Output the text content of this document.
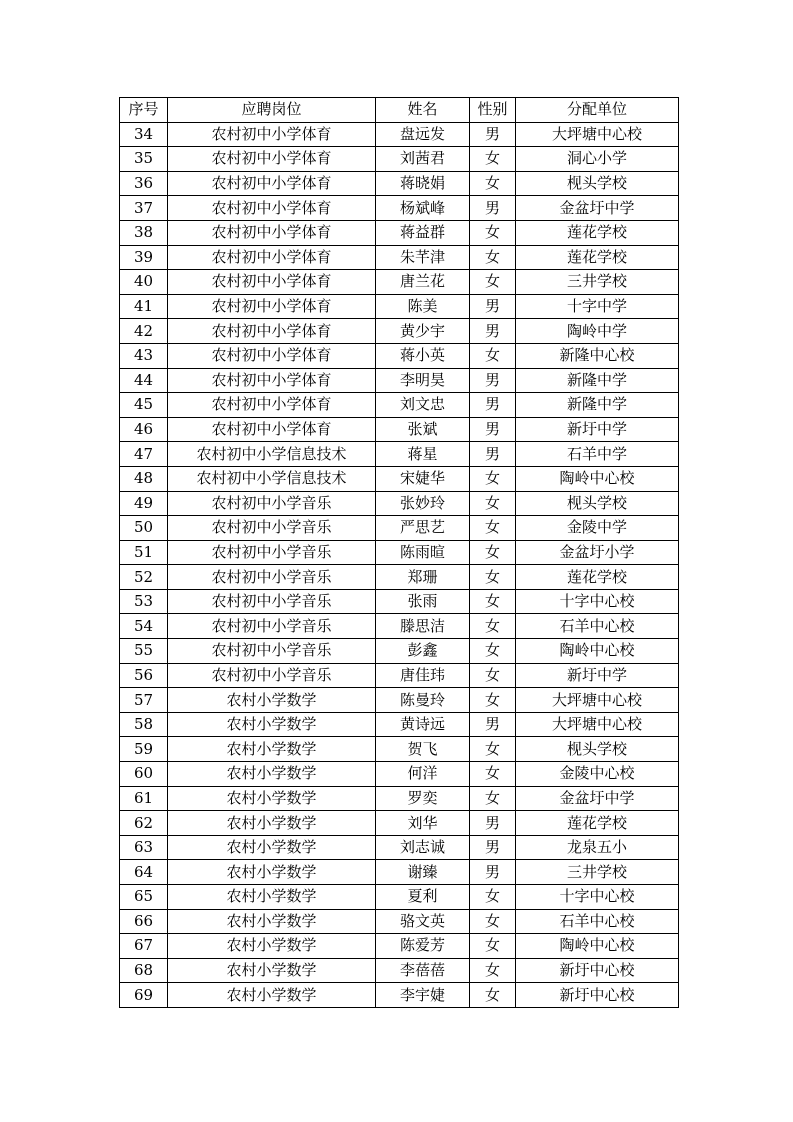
序号	应聘岗位	姓名	性别	分配单位
34	农村初中小学体育	盘远发	男	大坪塘中心校
35	农村初中小学体育	刘茜君	女	洞心小学
36	农村初中小学体育	蒋晓娟	女	枧头学校
37	农村初中小学体育	杨斌峰	男	金盆圩中学
38	农村初中小学体育	蒋益群	女	莲花学校
39	农村初中小学体育	朱芊津	女	莲花学校
40	农村初中小学体育	唐兰花	女	三井学校
41	农村初中小学体育	陈美	男	十字中学
42	农村初中小学体育	黄少宇	男	陶岭中学
43	农村初中小学体育	蒋小英	女	新隆中心校
44	农村初中小学体育	李明昊	男	新隆中学
45	农村初中小学体育	刘文忠	男	新隆中学
46	农村初中小学体育	张斌	男	新圩中学
47	农村初中小学信息技术	蒋星	男	石羊中学
48	农村初中小学信息技术	宋婕华	女	陶岭中心校
49	农村初中小学音乐	张妙玲	女	枧头学校
50	农村初中小学音乐	严思艺	女	金陵中学
51	农村初中小学音乐	陈雨暄	女	金盆圩小学
52	农村初中小学音乐	郑珊	女	莲花学校
53	农村初中小学音乐	张雨	女	十字中心校
54	农村初中小学音乐	滕思洁	女	石羊中心校
55	农村初中小学音乐	彭鑫	女	陶岭中心校
56	农村初中小学音乐	唐佳玮	女	新圩中学
57	农村小学数学	陈曼玲	女	大坪塘中心校
58	农村小学数学	黄诗远	男	大坪塘中心校
59	农村小学数学	贺飞	女	枧头学校
60	农村小学数学	何洋	女	金陵中心校
61	农村小学数学	罗奕	女	金盆圩中学
62	农村小学数学	刘华	男	莲花学校
63	农村小学数学	刘志诚	男	龙泉五小
64	农村小学数学	谢臻	男	三井学校
65	农村小学数学	夏利	女	十字中心校
66	农村小学数学	骆文英	女	石羊中心校
67	农村小学数学	陈爱芳	女	陶岭中心校
68	农村小学数学	李蓓蓓	女	新圩中心校
69	农村小学数学	李宇婕	女	新圩中心校
